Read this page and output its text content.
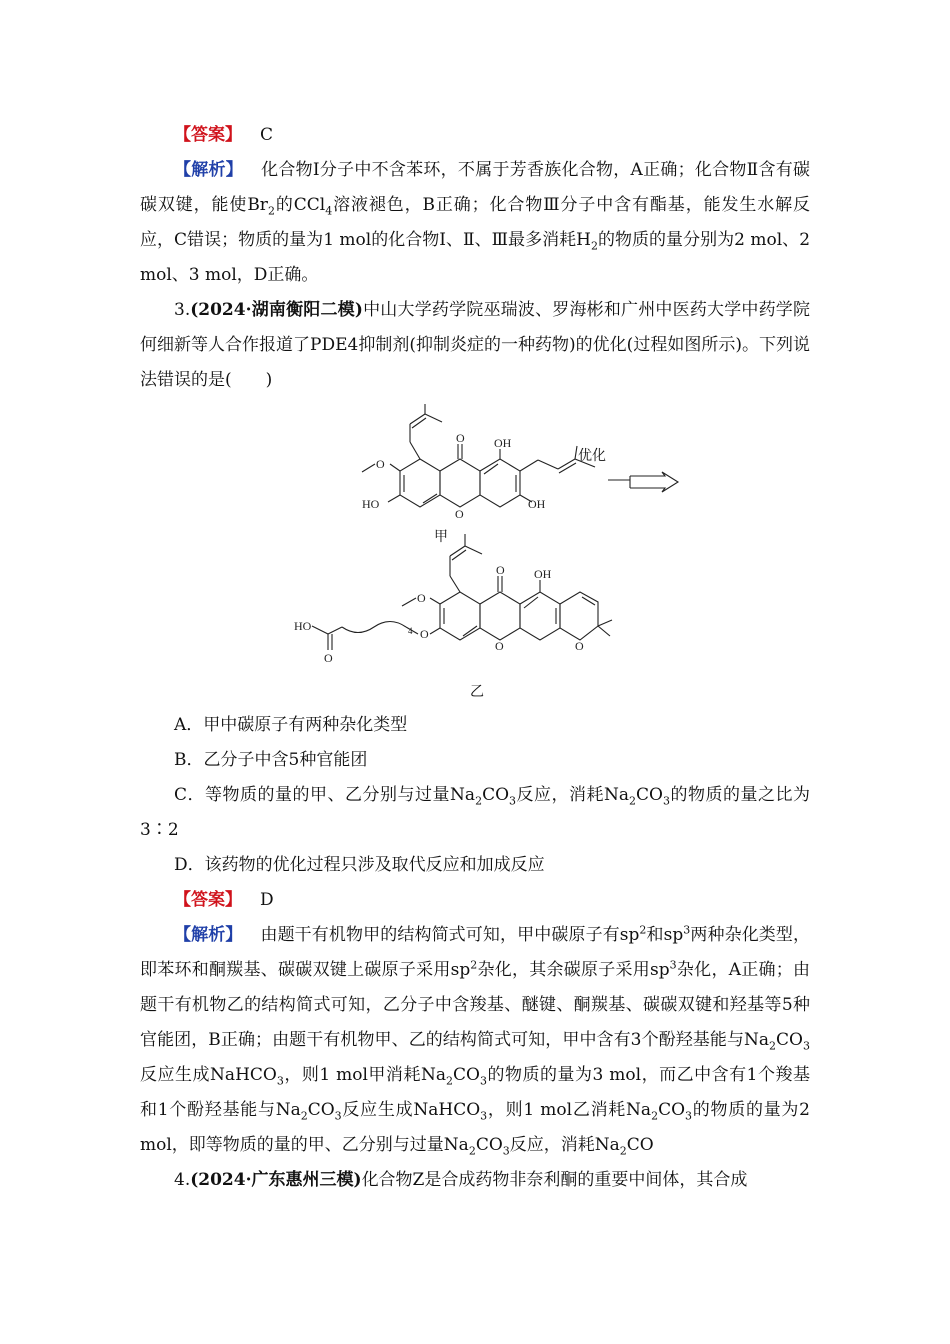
【答案】 C

【解析】 化合物Ⅰ分子中不含苯环，不属于芳香族化合物，A正确；化合物Ⅱ含有碳碳双键，能使$Br_2$的CCl$_4$溶液褪色，B正确；化合物Ⅲ分子中含有酯基，能发生水解反应，C错误；物质的量为1 mol的化合物Ⅰ、Ⅱ、Ⅲ最多消耗$H_2$的物质的量分别为2 mol、2 mol、3 mol，D正确。

3.(2024·湖南衡阳二模)中山大学药学院巫瑞波、罗海彬和广州中医药大学中药学院何细新等人合作报道了PDE4抑制剂(抑制炎症的一种药物)的优化(过程如图所示)。下列说法错误的是(　　)

O OH
O
HO
O
OH
O OH
O
O
O	O
HO
O
4
优化
甲
乙

A．甲中碳原子有两种杂化类型

B．乙分子中含5种官能团

C．等物质的量的甲、乙分别与过量$Na_2CO_3$反应，消耗$Na_2CO_3$的物质的量之比为3∶2

D．该药物的优化过程只涉及取代反应和加成反应

【答案】 D

【解析】 由题干有机物甲的结构简式可知，甲中碳原子有$sp^2$和$sp^3$两种杂化类型，即苯环和酮羰基、碳碳双键上碳原子采用$sp^2$杂化，其余碳原子采用$sp^3$杂化，A正确；由题干有机物乙的结构简式可知，乙分子中含羧基、醚键、酮羰基、碳碳双键和羟基等5种官能团，B正确；由题干有机物甲、乙的结构简式可知，甲中含有3个酚羟基能与$Na_2CO_3$反应生成NaHCO$_3$，则1 mol甲消耗$Na_2CO_3$的物质的量为3 mol，而乙中含有1个羧基和1个酚羟基能与$Na_2CO_3$反应生成NaHCO$_3$，则1 mol乙消耗$Na_2CO_3$的物质的量为2 mol，即等物质的量的甲、乙分别与过量$Na_2CO_3$反应，消耗$Na_2CO$

4.(2024·广东惠州三模)化合物Z是合成药物非奈利酮的重要中间体，其合成
